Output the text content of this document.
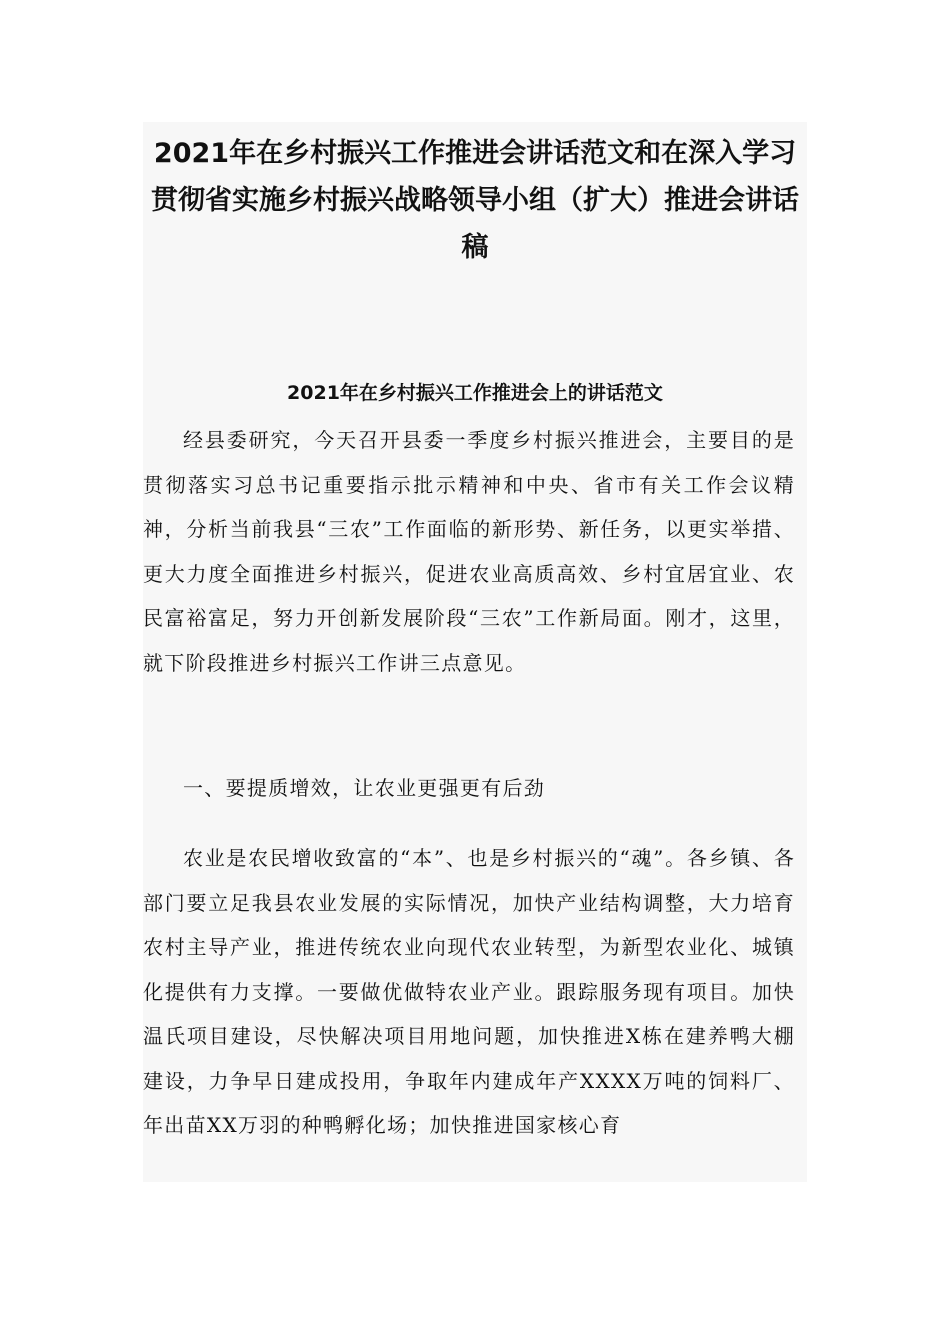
2021年在乡村振兴工作推进会讲话范文和在深入学习贯彻省实施乡村振兴战略领导小组（扩大）推进会讲话稿
2021年在乡村振兴工作推进会上的讲话范文

经县委研究，今天召开县委一季度乡村振兴推进会，主要目的是贯彻落实习总书记重要指示批示精神和中央、省市有关工作会议精神，分析当前我县“三农”工作面临的新形势、新任务，以更实举措、更大力度全面推进乡村振兴，促进农业高质高效、乡村宜居宜业、农民富裕富足，努力开创新发展阶段“三农”工作新局面。刚才，这里，就下阶段推进乡村振兴工作讲三点意见。

一、要提质增效，让农业更强更有后劲

农业是农民增收致富的“本”、也是乡村振兴的“魂”。各乡镇、各部门要立足我县农业发展的实际情况，加快产业结构调整，大力培育农村主导产业，推进传统农业向现代农业转型，为新型农业化、城镇化提供有力支撑。一要做优做特农业产业。跟踪服务现有项目。加快温氏项目建设，尽快解决项目用地问题，加快推进X栋在建养鸭大棚建设，力争早日建成投用，争取年内建成年产XXXX万吨的饲料厂、年出苗XX万羽的种鸭孵化场；加快推进国家核心育
